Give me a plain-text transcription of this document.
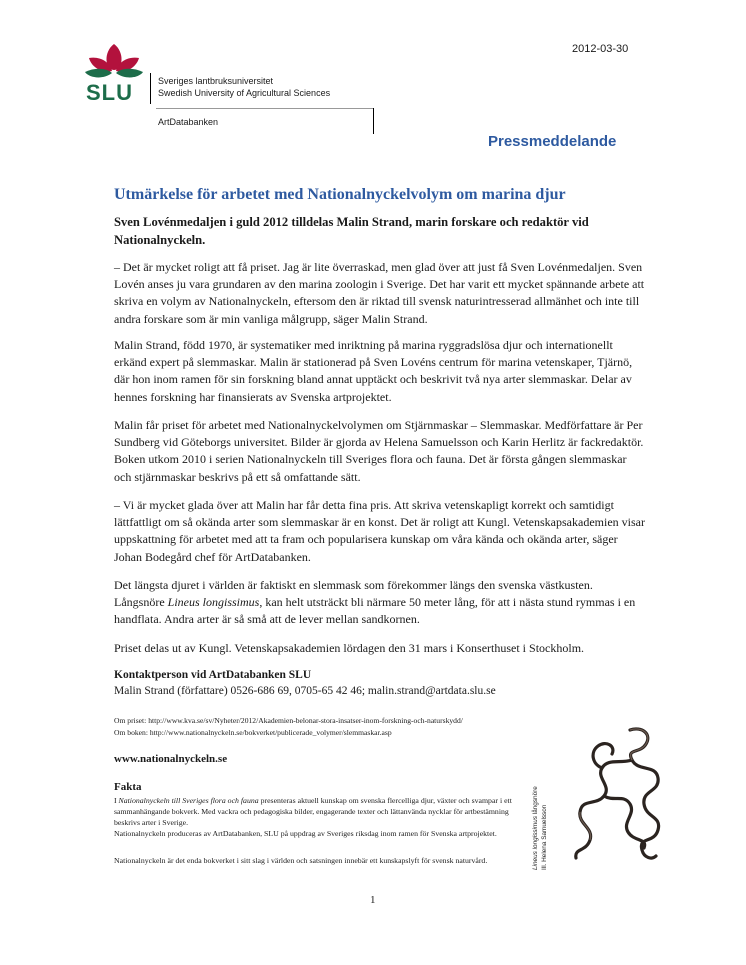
2012-03-30
SLU	Sveriges lantbruksuniversitet
Swedish University of Agricultural Sciences
ArtDatabanken
Pressmeddelande
Utmärkelse för arbetet med Nationalnyckelvolym om marina djur
Sven Lovénmedaljen i guld 2012 tilldelas Malin Strand, marin forskare och redaktör vid Nationalnyckeln.
– Det är mycket roligt att få priset. Jag är lite överraskad, men glad över att just få Sven Lovénmedaljen. Sven Lovén anses ju vara grundaren av den marina zoologin i Sverige. Det har varit ett mycket spännande arbete att skriva en volym av Nationalnyckeln, eftersom den är riktad till svensk naturintresserad allmänhet och inte till andra forskare som är min vanliga målgrupp, säger Malin Strand.
Malin Strand, född 1970, är systematiker med inriktning på marina ryggradslösa djur och internationellt erkänd expert på slemmaskar. Malin är stationerad på Sven Lovéns centrum för marina vetenskaper, Tjärnö, där hon inom ramen för sin forskning bland annat upptäckt och beskrivit två nya arter slemmaskar. Delar av hennes forskning har finansierats av Svenska artprojektet.
Malin får priset för arbetet med Nationalnyckelvolymen om Stjärnmaskar – Slemmaskar. Medförfattare är Per Sundberg vid Göteborgs universitet. Bilder är gjorda av Helena Samuelsson och Karin Herlitz är fackredaktör. Boken utkom 2010 i serien Nationalnyckeln till Sveriges flora och fauna. Det är första gången slemmaskar och stjärnmaskar beskrivs på ett så omfattande sätt.
– Vi är mycket glada över att Malin har får detta fina pris. Att skriva vetenskapligt korrekt och samtidigt lättfattligt om så okända arter som slemmaskar är en konst. Det är roligt att Kungl. Vetenskapsakademien visar uppskattning för arbetet med att ta fram och popularisera kunskap om våra kända och okända arter, säger Johan Bodegård chef för ArtDatabanken.
Det längsta djuret i världen är faktiskt en slemmask som förekommer längs den svenska västkusten. Långsnöre Lineus longissimus, kan helt utsträckt bli närmare 50 meter lång, för att i nästa stund rymmas i en handflata. Andra arter är så små att de lever mellan sandkornen.
Priset delas ut av Kungl. Vetenskapsakademien lördagen den 31 mars i Konserthuset i Stockholm.
Kontaktperson vid ArtDatabanken SLU
Malin Strand (författare) 0526-686 69, 0705-65 42 46; malin.strand@artdata.slu.se
Om priset: http://www.kva.se/sv/Nyheter/2012/Akademien-belonar-stora-insatser-inom-forskning-och-naturskydd/
Om boken: http://www.nationalnyckeln.se/bokverket/publicerade_volymer/slemmaskar.asp
www.nationalnyckeln.se
Fakta
I Nationalnyckeln till Sveriges flora och fauna presenteras aktuell kunskap om svenska flercelliga djur, växter och svampar i ett sammanhängande bokverk. Med vackra och pedagogiska bilder, engagerande texter och lättanvända nycklar för artbestämning beskrivs arter i Sverige.
Nationalnyckeln produceras av ArtDatabanken, SLU på uppdrag av Sveriges riksdag inom ramen för Svenska artprojektet.
Nationalnyckeln är det enda bokverket i sitt slag i världen och satsningen innebär ett kunskapslyft för svensk naturvård.	Lineus longissimus långsnöre
Ill. Helena Samuelsson
1
